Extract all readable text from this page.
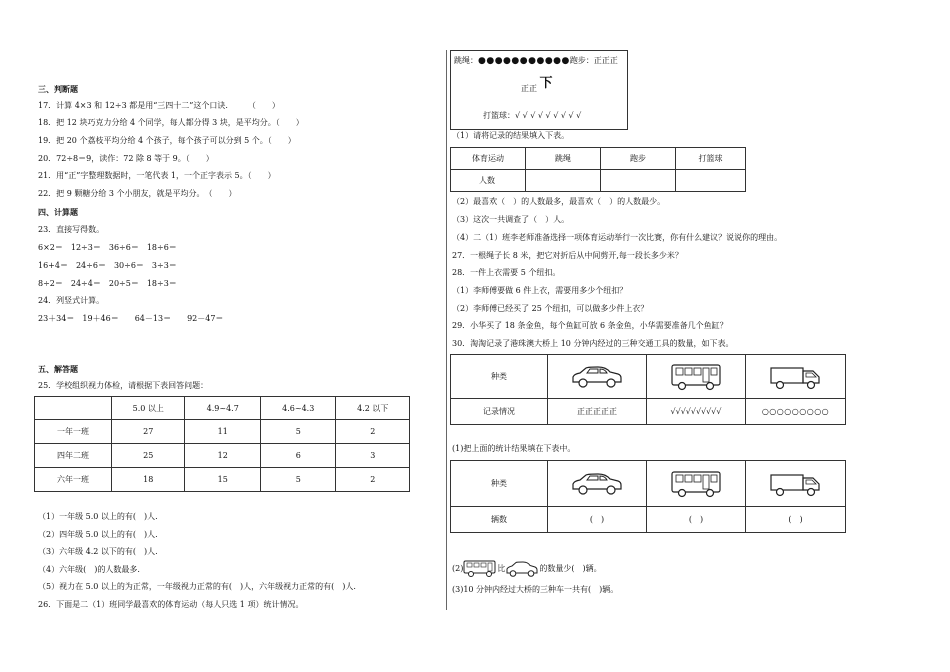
三、判断题
17．计算 4×3 和 12÷3 都是用“三四十二”这个口诀.　　　（　　）
18．把 12 块巧克力分给 4 个同学，每人都分得 3 块，是平均分。（　　）
19．把 20 个荔枝平均分给 4 个孩子，每个孩子可以分到 5 个。（　　）
20．72÷8＝9，读作：72 除 8 等于 9。（　　）
21．用“正”字整理数据时，一笔代表 1，一个正字表示 5。（　　）
22．把 9 颗糖分给 3 个小朋友，就是平均分。　（　　）
四、计算题
23．直接写得数。
6×2＝　12÷3＝　36÷6＝　18÷6＝
16+4＝　24÷6＝　30÷6＝　3÷3＝
8÷2＝　24÷4＝　20÷5＝　18÷3＝
24．列竖式计算。
23＋34＝　19＋46＝　　64－13＝　　92－47＝
五、解答题
25．学校组织视力体检，请根据下表回答问题：
	5.0 以上	4.9~4.7	4.6~4.3	4.2 以下
一年一班	27	11	5	2
四年二班	25	12	6	3
六年一班	18	15	5	2
（1）一年级 5.0 以上的有(　)人.
（2）四年级 5.0 以上的有(　)人.
（3）六年级 4.2 以下的有(　)人.
（4）六年级(　)的人数最多.
（5）视力在 5.0 以上的为正常，一年级视力正常的有(　)人，六年级视力正常的有(　)人.
26．下面是二（1）班同学最喜欢的体育运动（每人只选 1 项）统计情况。
跳绳：●●●●●●●●●●●跑步：正正正
正正 下
打篮球：√ √ √ √ √ √ √ √ √
（1）请将记录的结果填入下表。
体育运动	跳绳	跑步	打篮球
人数			
（2）最喜欢（　）的人数最多，最喜欢（　）的人数最少。
（3）这次一共调查了（　）人。
（4）二（1）班李老师准备选择一项体育运动举行一次比赛，你有什么建议？说说你的理由。
27．一根绳子长 8 米，把它对折后从中间剪开,每一段长多少米？
28．一件上衣需要 5 个纽扣。
（1）李师傅要做 6 件上衣，需要用多少个纽扣？
（2）李师傅已经买了 25 个纽扣，可以做多少件上衣？
29．小华买了 18 条金鱼，每个鱼缸可放 6 条金鱼，小华需要准备几个鱼缸？
30．淘淘记录了港珠澳大桥上 10 分钟内经过的三种交通工具的数量，如下表。
种类	

记录情况	正正正正正	√√√√√√√√√√	○○○○○○○○○
(1)把上面的统计结果填在下表中。
种类	

辆数	(　)	(　)	(　)
(2)	比	的数量少(　)辆。
(3)10 分钟内经过大桥的三种车一共有(　)辆。
